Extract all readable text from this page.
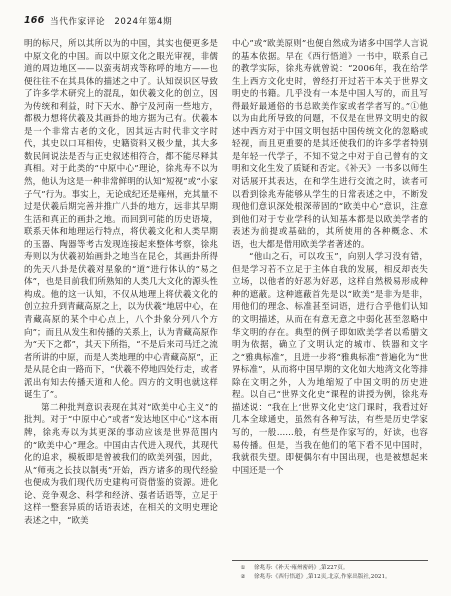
166 当代作家评论　2024年第4期

明的标尺，所以其所以为的中国，其实也便更多是中原文化的中国。而以中原文化之眼光审视，非儒道的周边地区——以蛮夷胡戎等称呼的地方——也便往往不在其具体的描述之中了。认知误识区导致了许多学术研究上的混乱，如伏羲文化的创立，因为传统和利益，时下天水、静宁及河南一些地方，都极力想将伏羲及其画卦的地方据为己有。伏羲本是一个非常古老的文化，因其远古时代非文字时代，其史以口耳相传，史籍资料又极少量，其大多数民间说法是否与正史叙述相符合，都不能尽释其真相。对于此类的“中原中心”理论，徐兆寿不以为然，他认为这是一种非常鲜明的认知“短视”或“小家子气”行为。事实上，无论成纪还是雍州，充其量不过是伏羲后期完善并推广八卦的地方，远非其早期生活和真正的画卦之地。而回到可能的历史语境，联系天体和地理运行特点，将伏羲文化和人类早期的玉器、陶器等考古发现连接起来整体考察，徐兆寿则以为伏羲初始画卦之地当在昆仑，其画卦所得的先天八卦是伏羲对星象的“道”进行体认的“易之体”，也是目前我们所熟知的人类几大文化的源头性构成。他的这一认知，不仅从地理上将伏羲文化的创立拉升到青藏高原之上，以为伏羲“地居中心，在青藏高原的某个中心点上，八个卦象分列八个方向”；而且从发生和传播的关系上，认为青藏高原作为“天下之都”，其天下所指，“不是后来司马迁之流者所讲的中原，而是人类地理的中心青藏高原”，正是从昆仑由一路而下，“伏羲不停地四处行走，或者派出有知去传播天道和人伦。四方的文明也就这样诞生了”。

第二种批判意识表现在其对“欧美中心主义”的批判。对于“中原中心”或者“发达地区中心”这本雨牌，徐兆寿以为其更深的事动应该是世界范围内的“欧美中心”理念。中国由古代进入现代，其现代化的追求，模板即是曾被我们的欧美列强，因此，从“师夷之长技以制夷”开始，西方诸多的现代经验也便成为我们现代历史建构可资借鉴的资源。进化论、竞争观念、科学和经济、强者话语等，立足于这样一整套异质的话语表述，在相关的文明史理论表述之中，“欧美

中心”或“欧美原则”也便自然成为诸多中国学人言说的基本依据。早在《西行悟道》一书中，联系自己的教学实际，徐兆寿就曾说：“2006年，我在给学生上西方文化史时，曾经打开过若干本关于世界文明史的书籍。几乎没有一本是中国人写的，而且写得最好最通俗的书总欧美作家或者学者写的。”①他以为由此所导致的问题，不仅是在世界文明史的叙述中西方对于中国文明包括中国传统文化的忽略或轻视，而且更重要的是其还使我们的许多学者特别是年轻一代学子，不知不觉之中对于自己曾有的文明和文化生发了质疑和否定。《补天》一书多以师生对话展开其表达，在和学生进行交流之时，读者可以看到徐兆寿能够从学生的日常表述之中，不断发现他们意识深处根深蒂固的“欧美中心”意识，注意到他们对于专业学科的认知基本都是以欧美学者的表述为前提或基础的，其所使用的各种概念、术语，也大都是借用欧美学者著述的。

“他山之石，可以攻玉”，向别人学习没有错，但是学习若不立足于主体自我的发展，相反却丧失立场，以他者的好恶为好恶，这样自然极易形成种种的遮蔽。这种遮蔽首先是以“欧美”是非为是非，用他们的理念、标准甚至词语，进行合乎他们认知的文明描述，从而在有意无意之中弱化甚至忽略中华文明的存在。典型的例子即如欧美学者以希腊文明为依据，确立了文明认定的城市、铁器和文字之“雅典标准”，且进一步将“雅典标准”普遍化为“世界标准”，从而将中国早期的文化如大地湾文化等排除在文明之外，人为地缩短了中国文明的历史进程。以自己“世界文化史”课程的讲授为例，徐兆寿描述说：“我在上‘世界文化史’这门课时，我看过好几本全球通史，虽然有各种写法，有些是历史学家写的，一般……般，有些是作家写的，好读，也容易传播。但是，当我在他们的笔下看不见中国时，我就很失望。即便偶尔有中国出现，也是被想起来中国还是一个

① 徐兆寿:《补天·雍州密码》,第227页。
② 徐兆寿:《西行悟道》,第12页,北京,作家出版社,2021。
